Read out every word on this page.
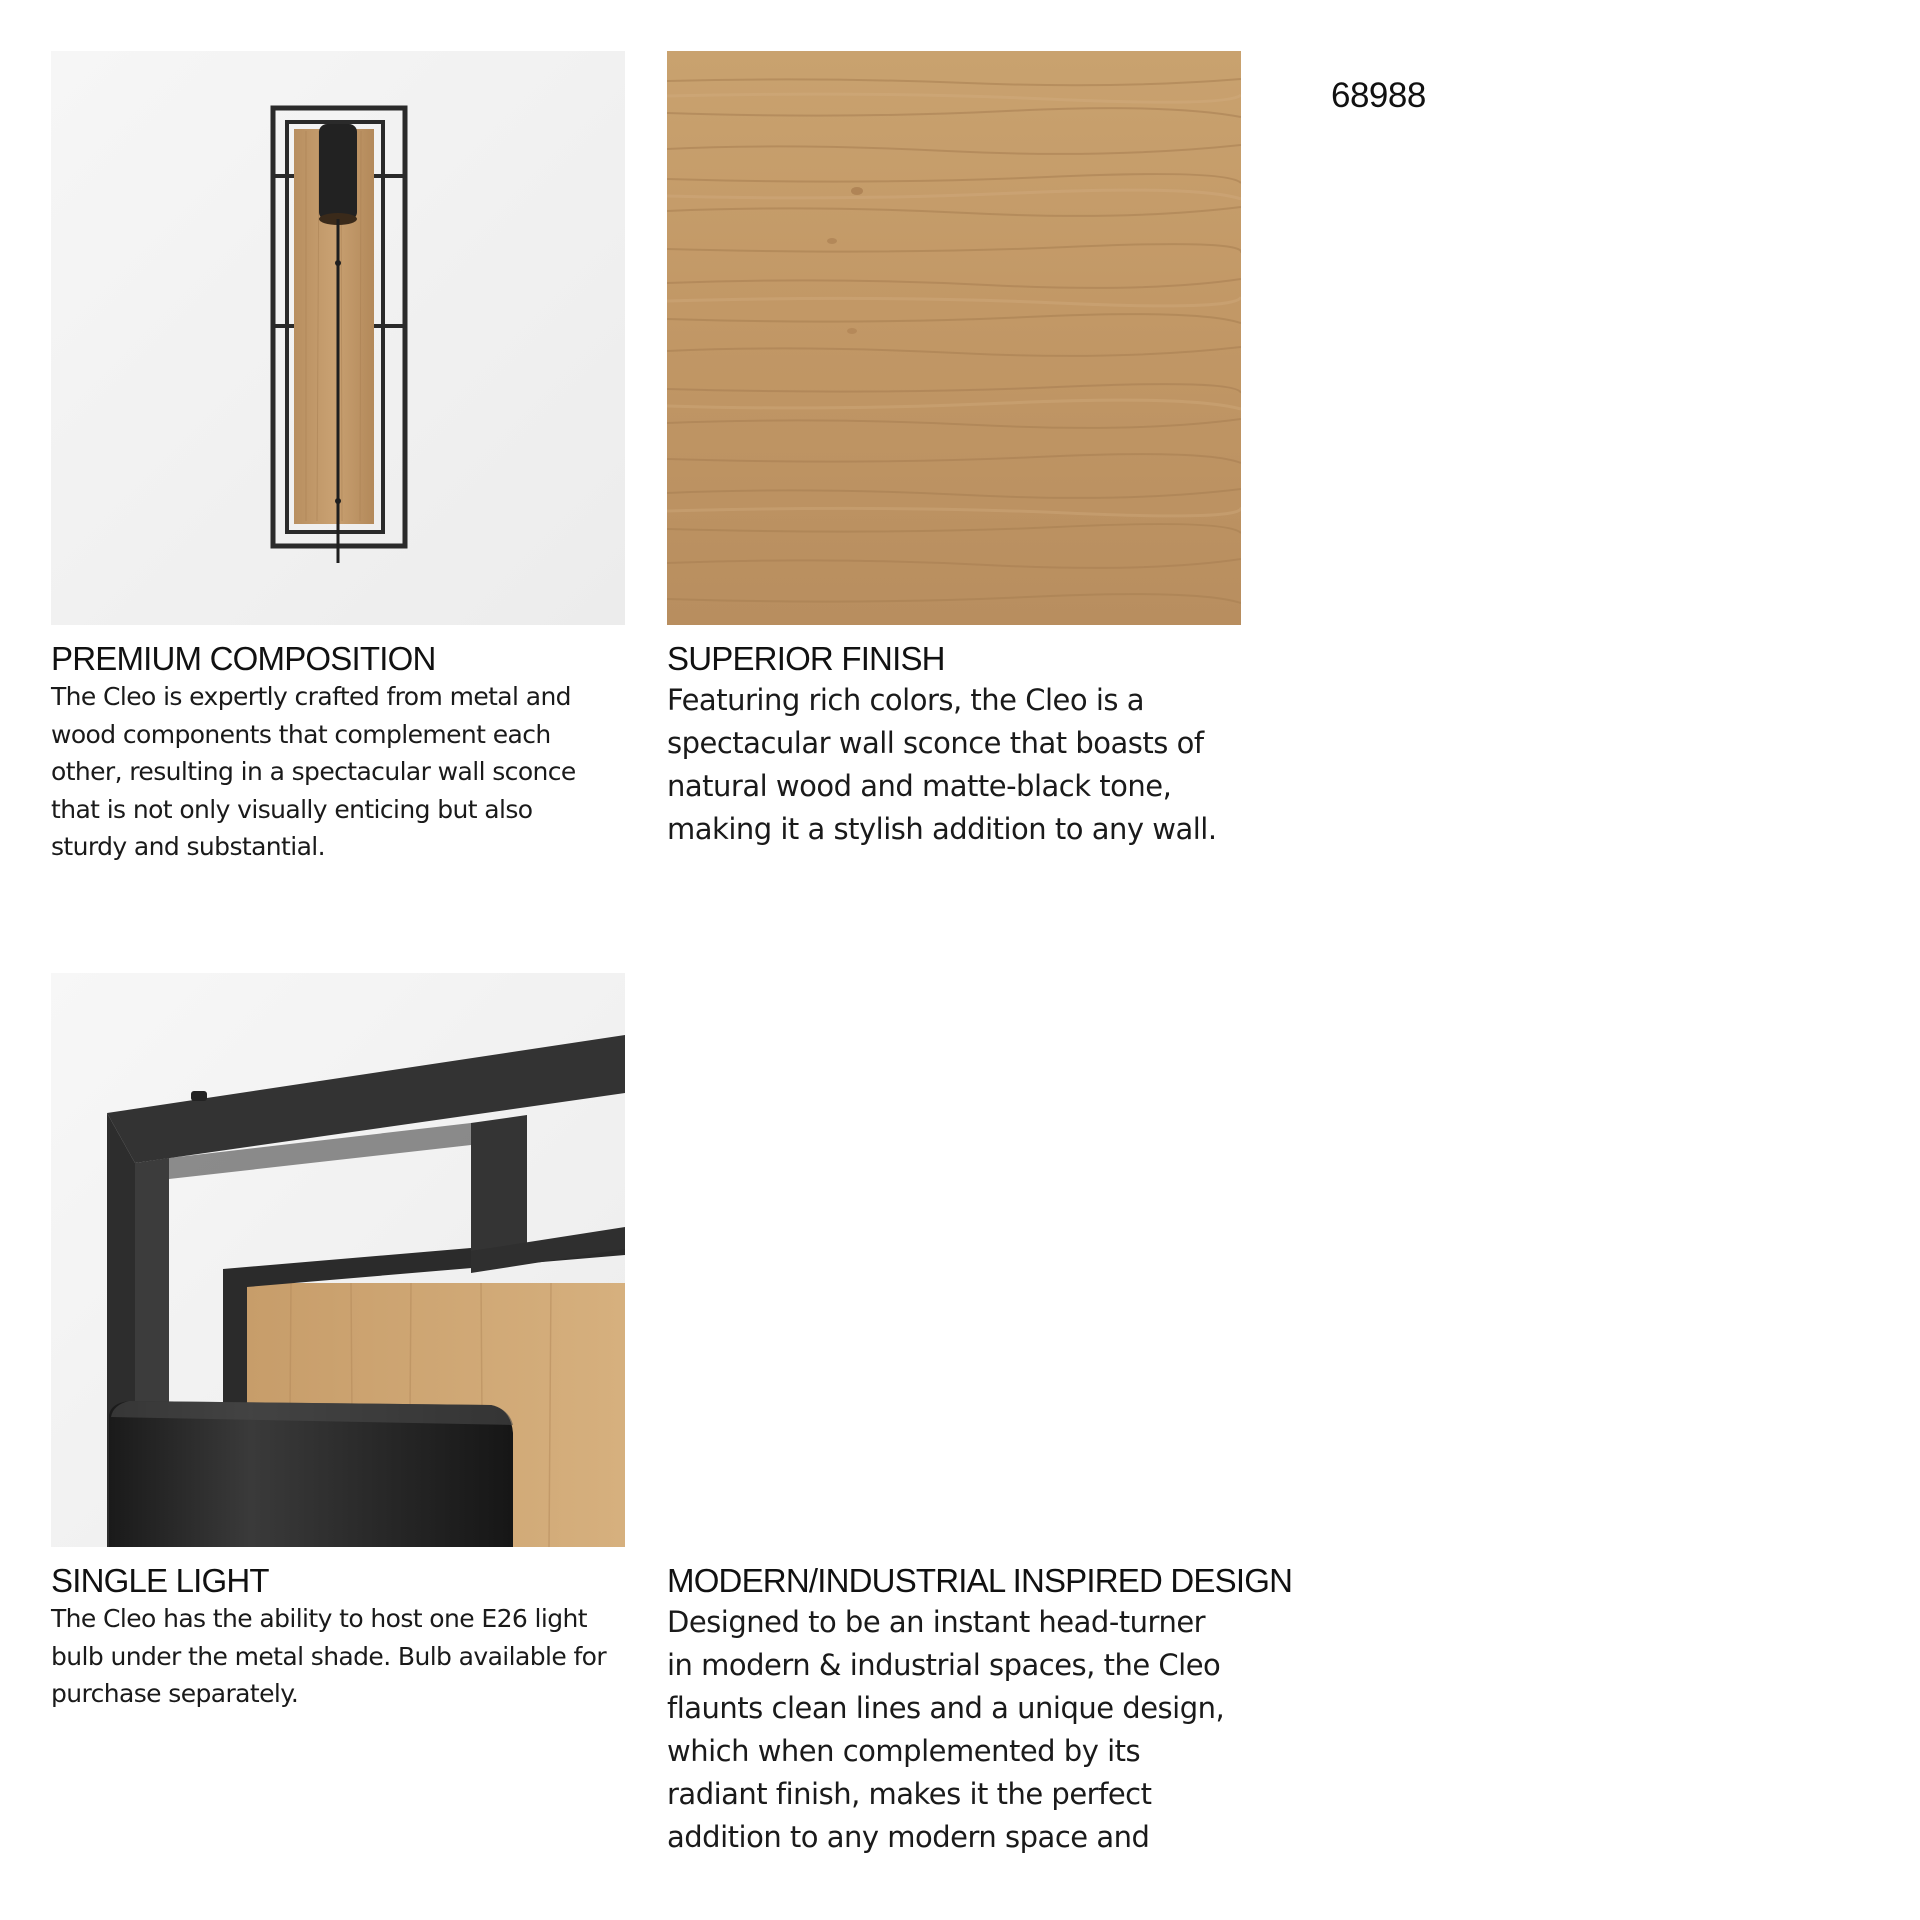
68988
PREMIUM COMPOSITION

The Cleo is expertly crafted from metal and
wood components that complement each
other, resulting in a spectacular wall sconce
that is not only visually enticing but also
sturdy and substantial.

SUPERIOR FINISH

Featuring rich colors, the Cleo is a
spectacular wall sconce that boasts of
natural wood and matte-black tone,
making it a stylish addition to any wall.

SINGLE LIGHT

The Cleo has the ability to host one E26 light
bulb under the metal shade. Bulb available for
purchase separately.

MODERN/INDUSTRIAL INSPIRED DESIGN

Designed to be an instant head-turner
in modern & industrial spaces, the Cleo
flaunts clean lines and a unique design,
which when complemented by its
radiant finish, makes it the perfect
addition to any modern space and
